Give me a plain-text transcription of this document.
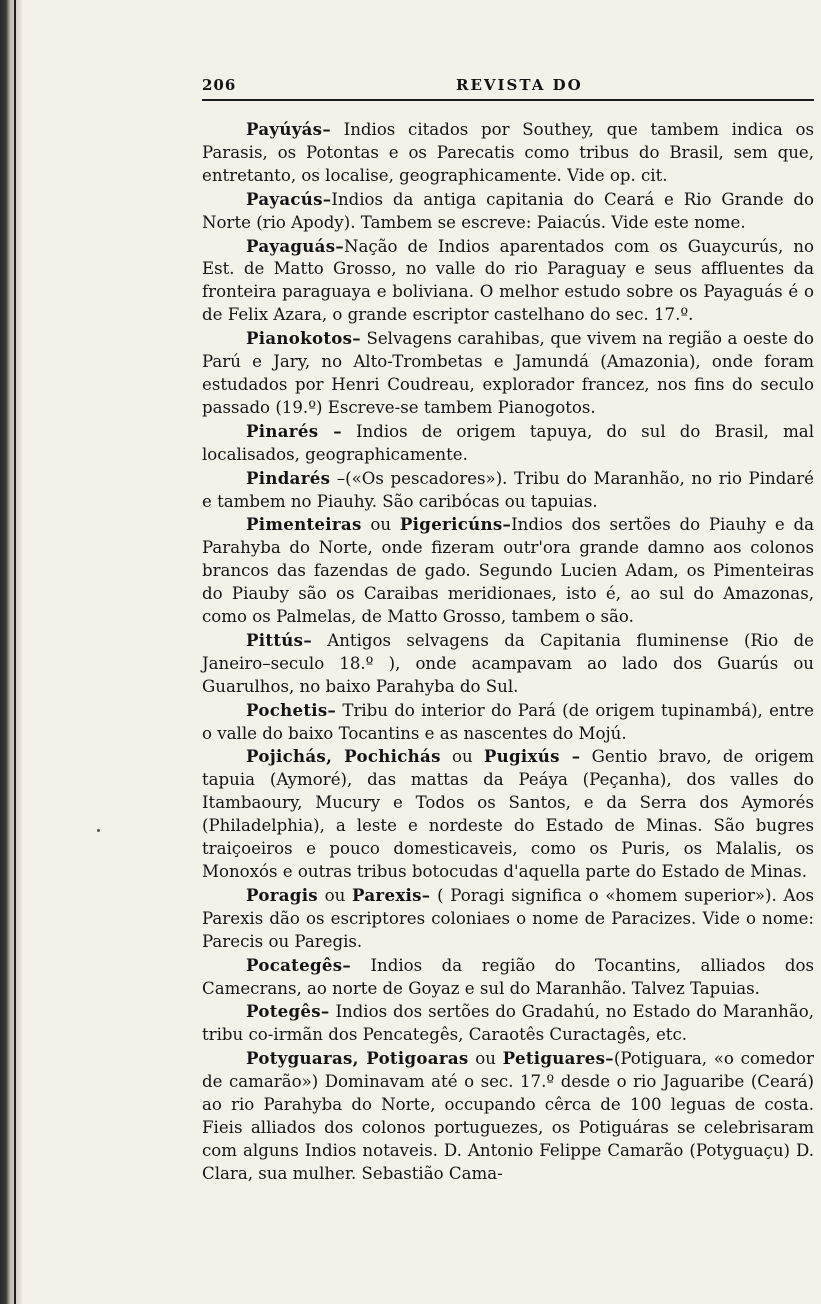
206	REVISTA DO

Payúyás– Indios citados por Southey, que tambem indica os Parasis, os Potontas e os Parecatis como tribus do Brasil, sem que, entretanto, os localise, geographicamente. Vide op. cit.

Payacús–Indios da antiga capitania do Ceará e Rio Grande do Norte (rio Apody). Tambem se escreve: Paiacús. Vide este nome.

Payaguás–Nação de Indios aparentados com os Guaycurús, no Est. de Matto Grosso, no valle do rio Paraguay e seus affluentes da fronteira paraguaya e boliviana. O melhor estudo sobre os Payaguás é o de Felix Azara, o grande escriptor castelhano do sec. 17.º.

Pianokotos– Selvagens carahibas, que vivem na região a oeste do Parú e Jary, no Alto-Trombetas e Jamundá (Amazonia), onde foram estudados por Henri Coudreau, explorador francez, nos fins do seculo passado (19.º) Escreve-se tambem Pianogotos.

Pinarés – Indios de origem tapuya, do sul do Brasil, mal localisados, geographicamente.

Pindarés –(«Os pescadores»). Tribu do Maranhão, no rio Pindaré e tambem no Piauhy. São caribócas ou tapuias.

Pimenteiras ou Pigericúns–Indios dos sertões do Piauhy e da Parahyba do Norte, onde fizeram outr'ora grande damno aos colonos brancos das fazendas de gado. Segundo Lucien Adam, os Pimenteiras do Piauby são os Caraibas meridionaes, isto é, ao sul do Amazonas, como os Palmelas, de Matto Grosso, tambem o são.

Pittús– Antigos selvagens da Capitania fluminense (Rio de Janeiro–seculo 18.º ), onde acampavam ao lado dos Guarús ou Guarulhos, no baixo Parahyba do Sul.

Pochetis– Tribu do interior do Pará (de origem tupinambá), entre o valle do baixo Tocantins e as nascentes do Mojú.

Pojichás, Pochichás ou Pugixús – Gentio bravo, de origem tapuia (Aymoré), das mattas da Peáya (Peçanha), dos valles do Itambaoury, Mucury e Todos os Santos, e da Serra dos Aymorés (Philadelphia), a leste e nordeste do Estado de Minas. São bugres traiçoeiros e pouco domesticaveis, como os Puris, os Malalis, os Monoxós e outras tribus botocudas d'aquella parte do Estado de Minas.

Poragis ou Parexis– ( Poragi significa o «homem superior»). Aos Parexis dão os escriptores coloniaes o nome de Paracizes. Vide o nome: Parecis ou Paregis.

Pocategês– Indios da região do Tocantins, alliados dos Camecrans, ao norte de Goyaz e sul do Maranhão. Talvez Tapuias.

Potegês– Indios dos sertões do Gradahú, no Estado do Maranhão, tribu co-irmãn dos Pencategês, Caraotês Curactagês, etc.

Potyguaras, Potigoaras ou Petiguares–(Potiguara, «o comedor de camarão») Dominavam até o sec. 17.º desde o rio Jaguaribe (Ceará) ao rio Parahyba do Norte, occupando cêrca de 100 leguas de costa. Fieis alliados dos colonos portuguezes, os Potiguáras se celebrisaram com alguns Indios notaveis. D. Antonio Felippe Camarão (Potyguaçu) D. Clara, sua mulher. Sebastião Cama-
